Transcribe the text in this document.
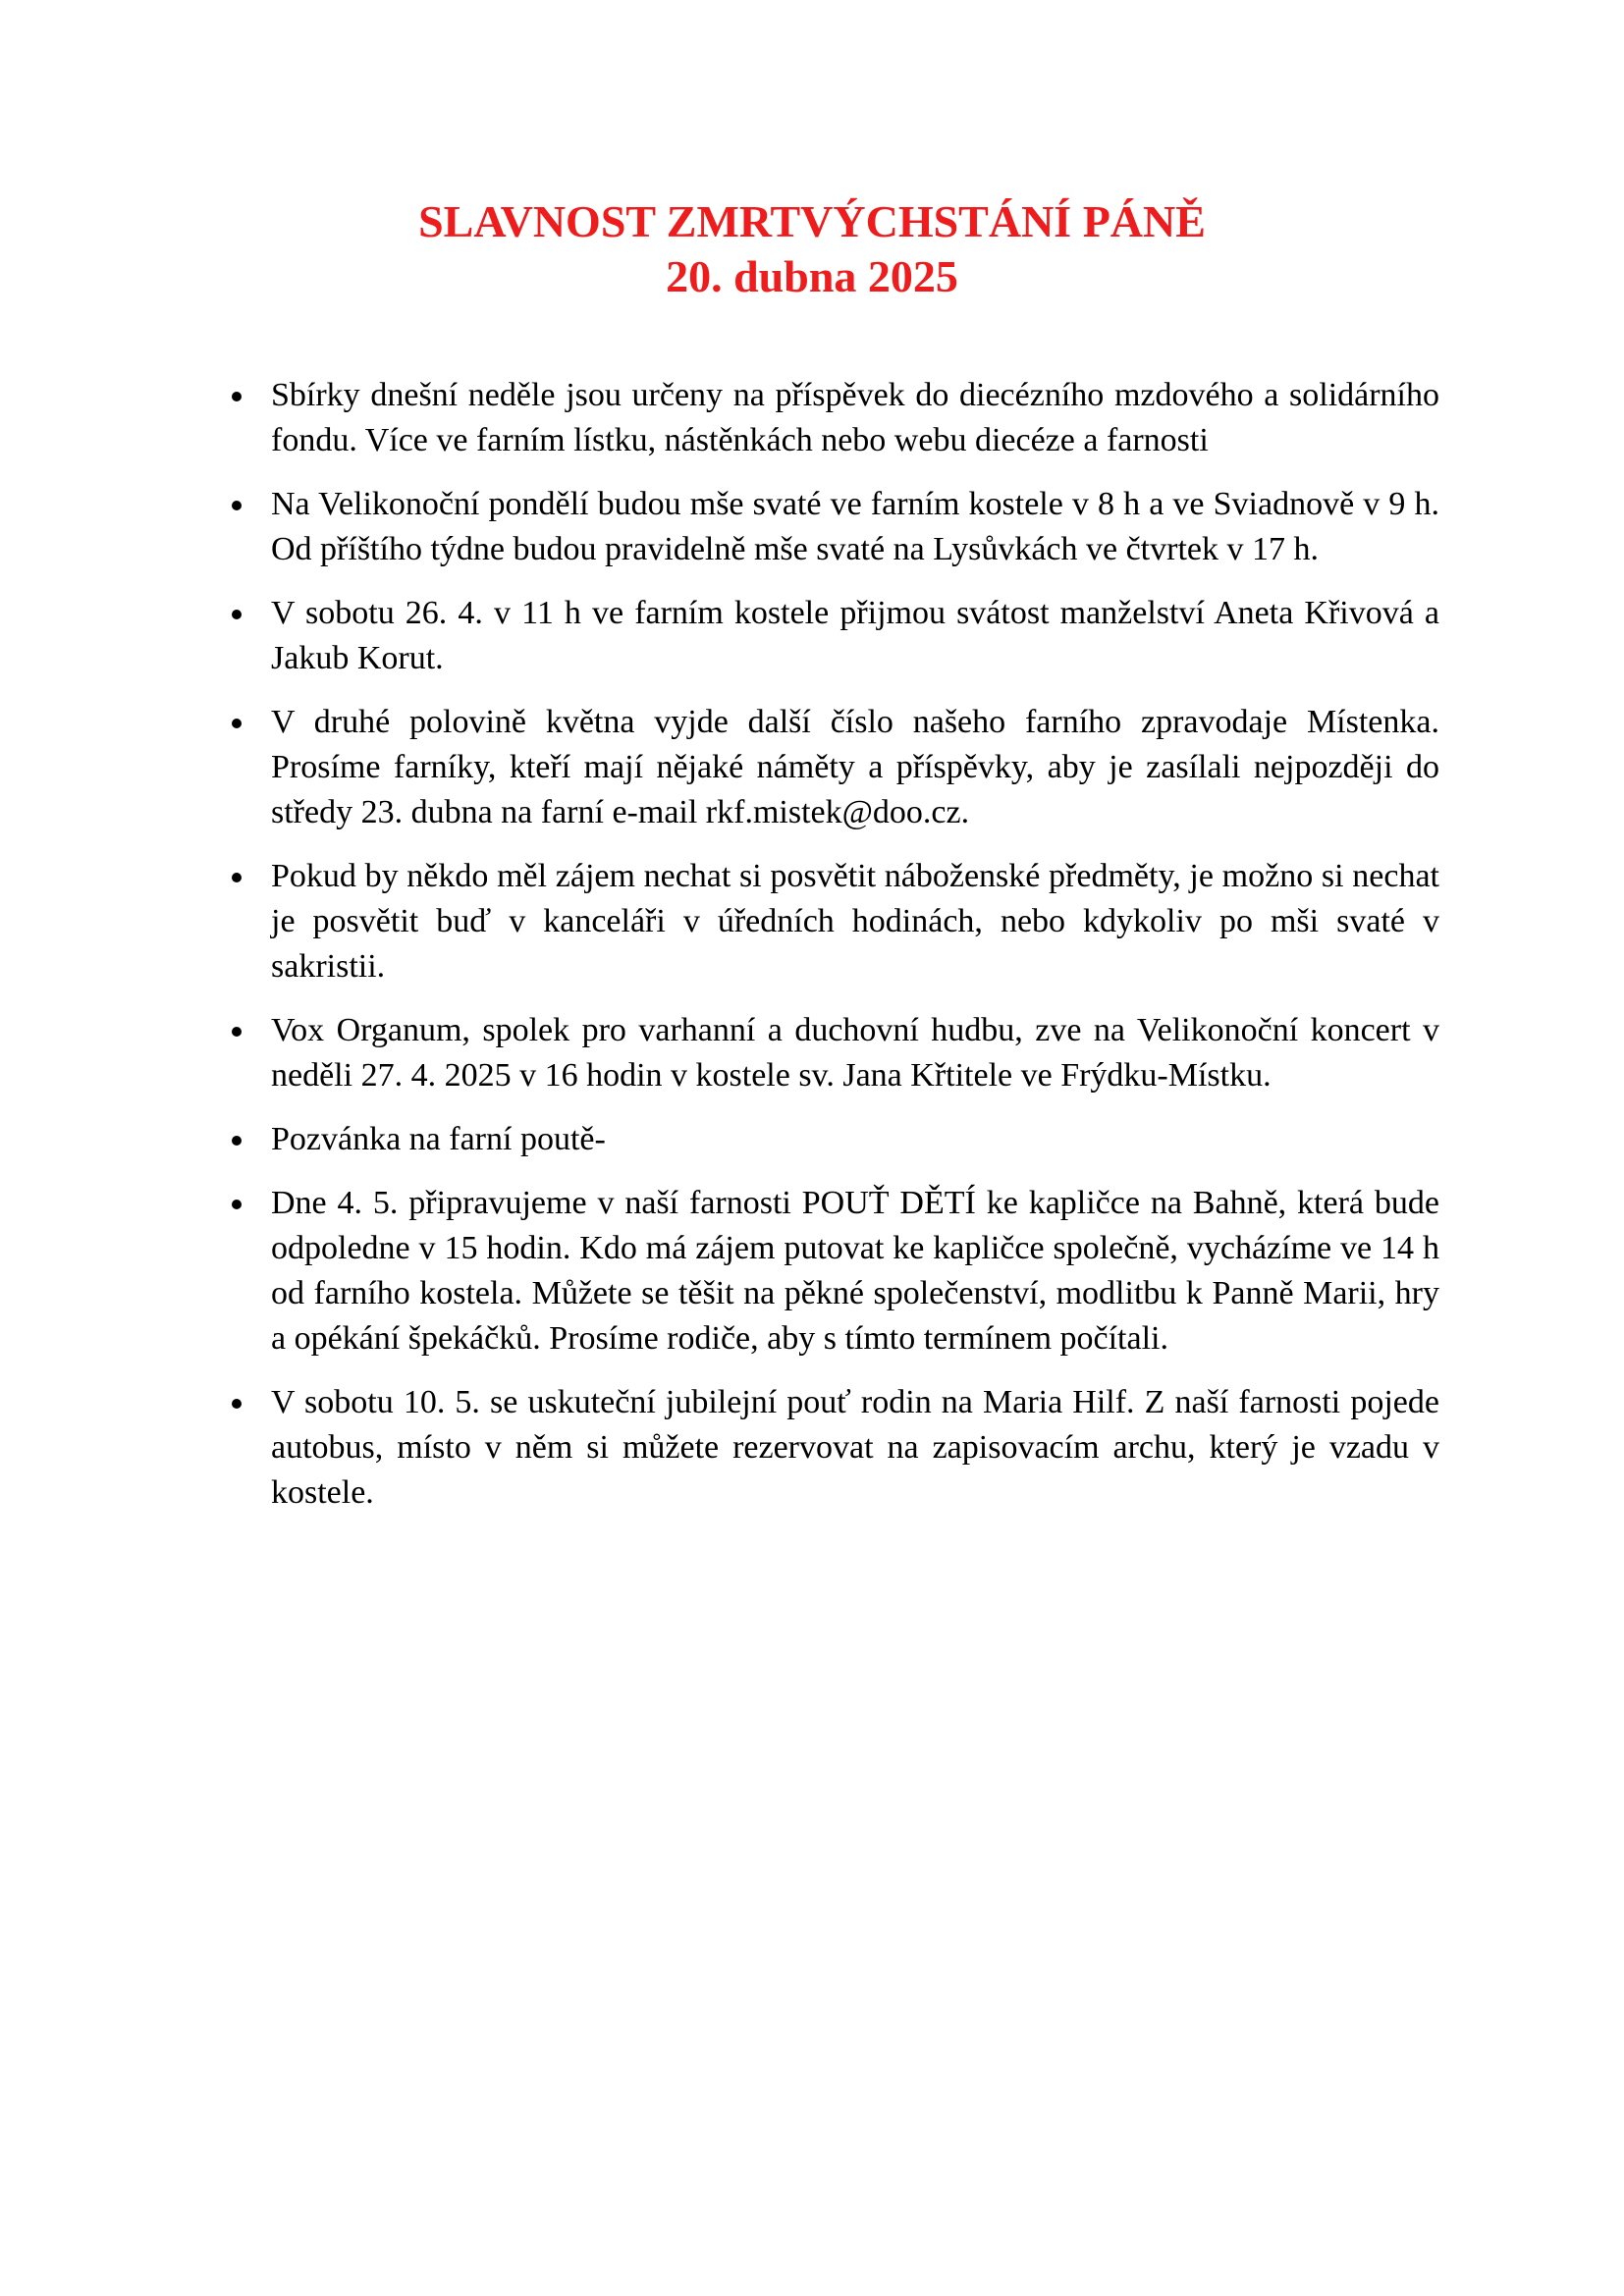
SLAVNOST ZMRTVÝCHSTÁNÍ PÁNĚ
20. dubna 2025
Sbírky dnešní neděle jsou určeny na příspěvek do diecézního mzdového a solidárního fondu. Více ve farním lístku, nástěnkách nebo webu diecéze a farnosti
Na Velikonoční pondělí budou mše svaté ve farním kostele v 8 h a ve Sviadnově v 9 h. Od příštího týdne budou pravidelně mše svaté na Lysůvkách ve čtvrtek v 17 h.
V sobotu 26. 4. v 11 h ve farním kostele přijmou svátost manželství Aneta Křivová a Jakub Korut.
V druhé polovině května vyjde další číslo našeho farního zpravodaje Místenka. Prosíme farníky, kteří mají nějaké náměty a příspěvky, aby je zasílali nejpozději do středy 23. dubna na farní e-mail rkf.mistek@doo.cz.
Pokud by někdo měl zájem nechat si posvětit náboženské předměty, je možno si nechat je posvětit buď v kanceláři v úředních hodinách, nebo kdykoliv po mši svaté v sakristii.
Vox Organum, spolek pro varhanní a duchovní hudbu, zve na Velikonoční koncert v neděli 27. 4. 2025 v 16 hodin v kostele sv. Jana Křtitele ve Frýdku-Místku.
Pozvánka na farní poutě-
Dne 4. 5. připravujeme v naší farnosti POUŤ DĚTÍ ke kapličce na Bahně, která bude odpoledne v 15 hodin. Kdo má zájem putovat ke kapličce společně, vycházíme ve 14 h od farního kostela. Můžete se těšit na pěkné společenství, modlitbu k Panně Marii, hry a opékání špekáčků. Prosíme rodiče, aby s tímto termínem počítali.
V sobotu 10. 5. se uskuteční jubilejní pouť rodin na Maria Hilf. Z naší farnosti pojede autobus, místo v něm si můžete rezervovat na zapisovacím archu, který je vzadu v kostele.
